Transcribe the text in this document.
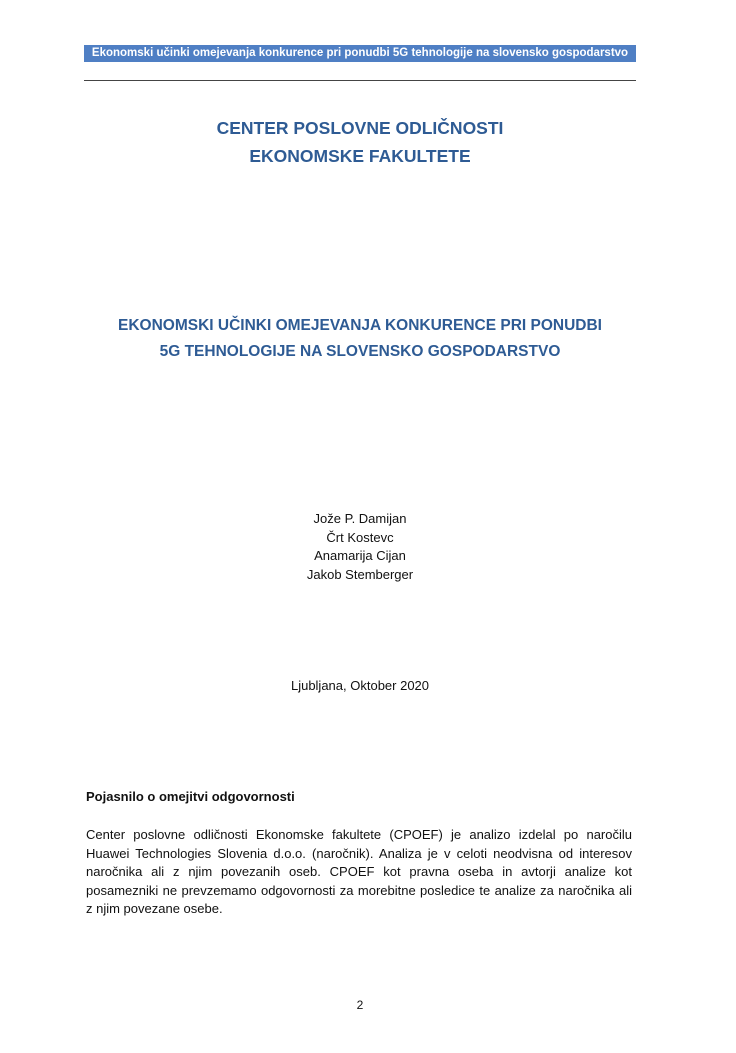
Ekonomski učinki omejevanja konkurence pri ponudbi 5G tehnologije na slovensko gospodarstvo
CENTER POSLOVNE ODLIČNOSTI
EKONOMSKE FAKULTETE
EKONOMSKI UČINKI OMEJEVANJA KONKURENCE PRI PONUDBI
5G TEHNOLOGIJE NA SLOVENSKO GOSPODARSTVO
Jože P. Damijan
Črt Kostevc
Anamarija Cijan
Jakob Stemberger
Ljubljana, Oktober 2020
Pojasnilo o omejitvi odgovornosti
Center poslovne odličnosti Ekonomske fakultete (CPOEF) je analizo izdelal po naročilu Huawei Technologies Slovenia d.o.o. (naročnik). Analiza je v celoti neodvisna od interesov naročnika ali z njim povezanih oseb. CPOEF kot pravna oseba in avtorji analize kot posamezniki ne prevzemamo odgovornosti za morebitne posledice te analize za naročnika ali z njim povezane osebe.
2
